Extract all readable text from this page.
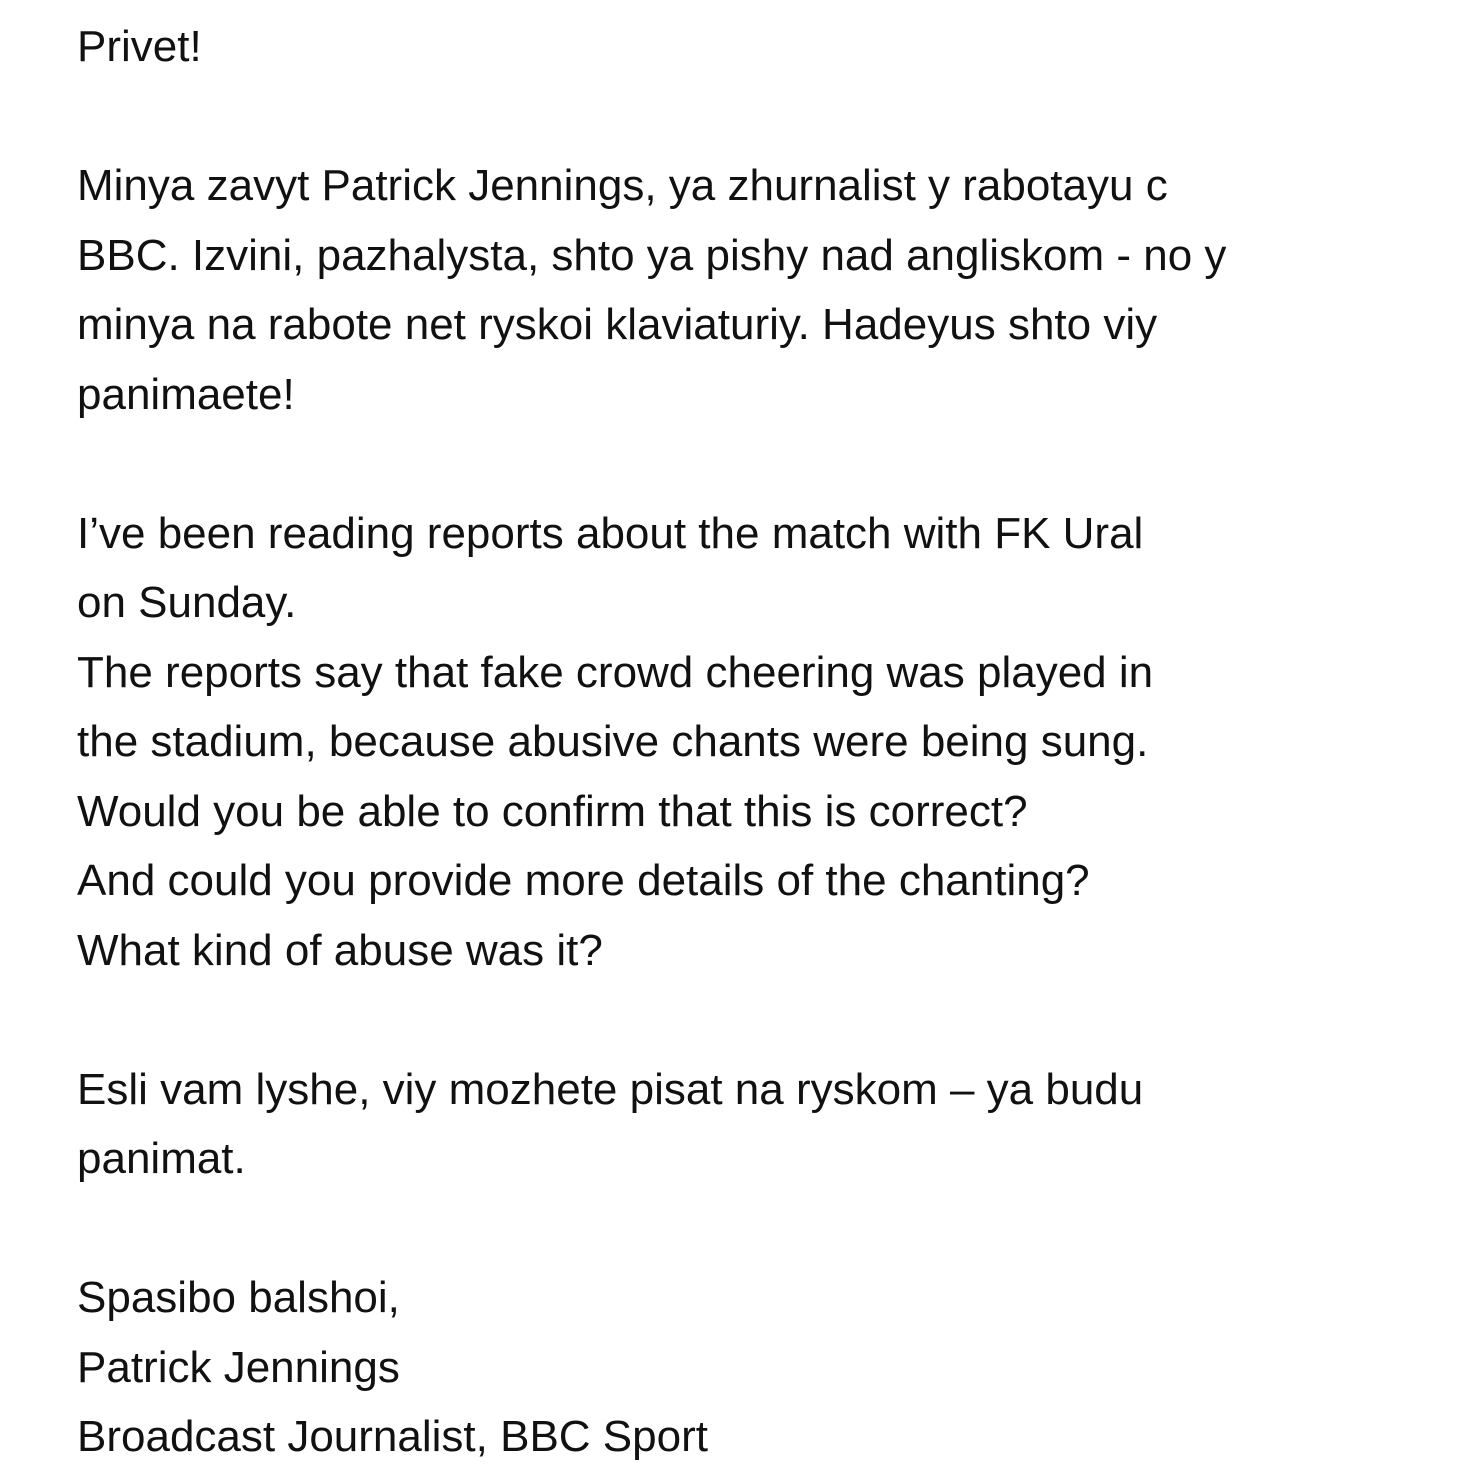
Privet!
Minya zavyt Patrick Jennings, ya zhurnalist y rabotayu c
BBC. Izvini, pazhalysta, shto ya pishy nad angliskom - no y
minya na rabote net ryskoi klaviaturiy. Hadeyus shto viy
panimaete!
I’ve been reading reports about the match with FK Ural
on Sunday.
The reports say that fake crowd cheering was played in
the stadium, because abusive chants were being sung.
Would you be able to confirm that this is correct?
And could you provide more details of the chanting?
What kind of abuse was it?
Esli vam lyshe, viy mozhete pisat na ryskom – ya budu
panimat.
Spasibo balshoi,
Patrick Jennings
Broadcast Journalist, BBC Sport
